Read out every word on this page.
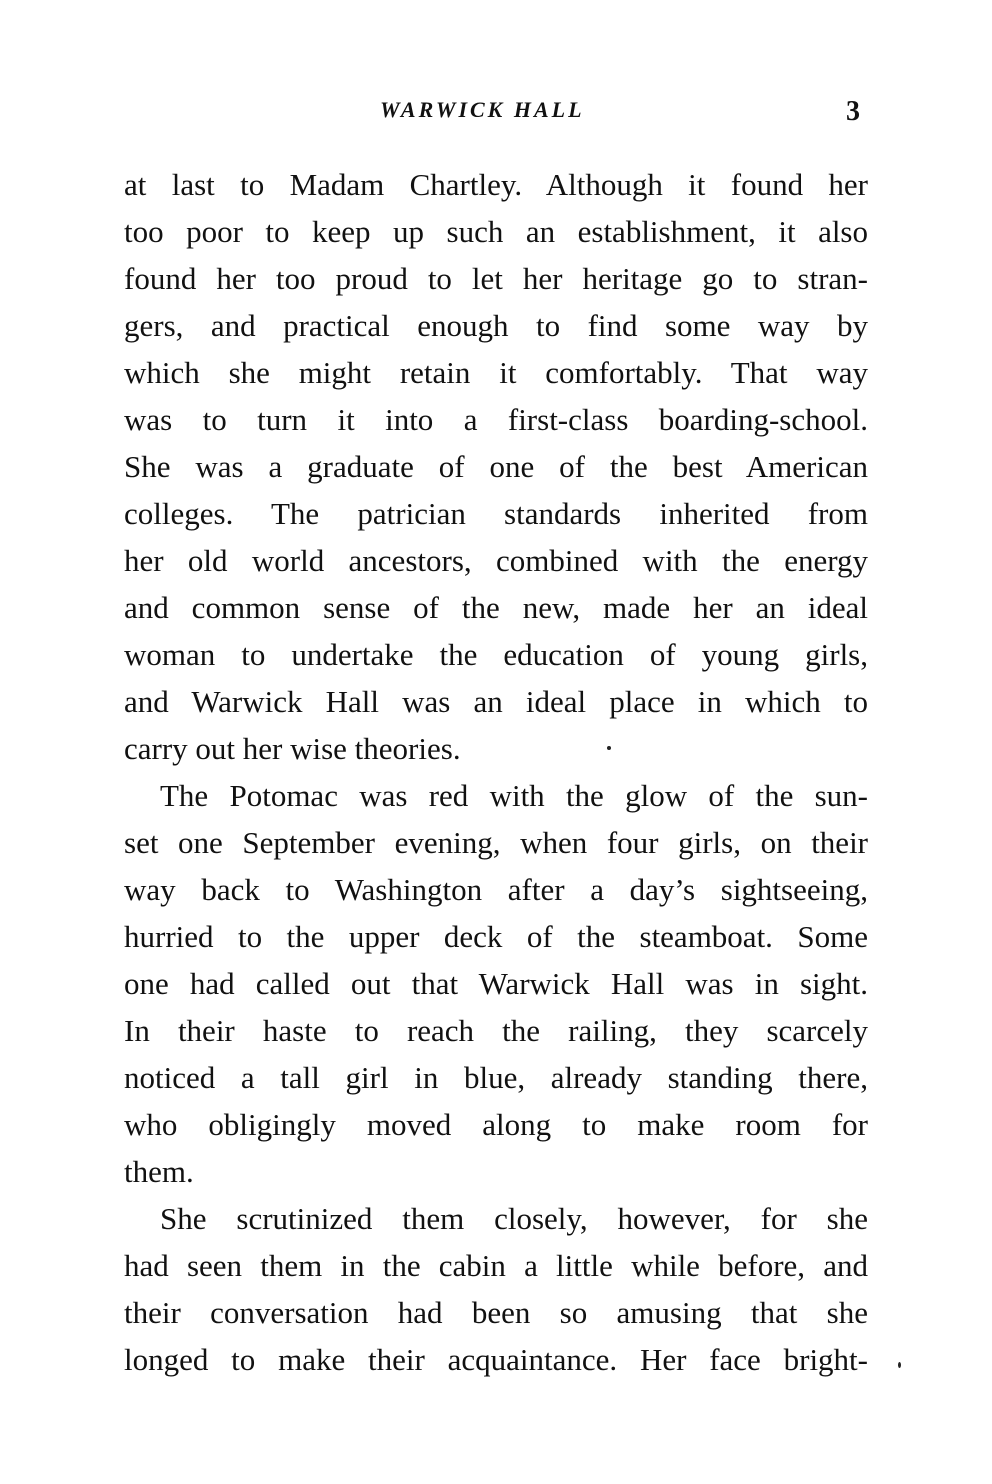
WARWICK HALL	3
at last to Madam Chartley. Although it found her
too poor to keep up such an establishment, it also
found her too proud to let her heritage go to stran-
gers, and practical enough to find some way by
which she might retain it comfortably. That way
was to turn it into a first-class boarding-school.
She was a graduate of one of the best American
colleges. The patrician standards inherited from
her old world ancestors, combined with the energy
and common sense of the new, made her an ideal
woman to undertake the education of young girls,
and Warwick Hall was an ideal place in which to
carry out her wise theories.
The Potomac was red with the glow of the sun-
set one September evening, when four girls, on their
way back to Washington after a day’s sightseeing,
hurried to the upper deck of the steamboat. Some
one had called out that Warwick Hall was in sight.
In their haste to reach the railing, they scarcely
noticed a tall girl in blue, already standing there,
who obligingly moved along to make room for
them.
She scrutinized them closely, however, for she
had seen them in the cabin a little while before, and
their conversation had been so amusing that she
longed to make their acquaintance. Her face bright-
